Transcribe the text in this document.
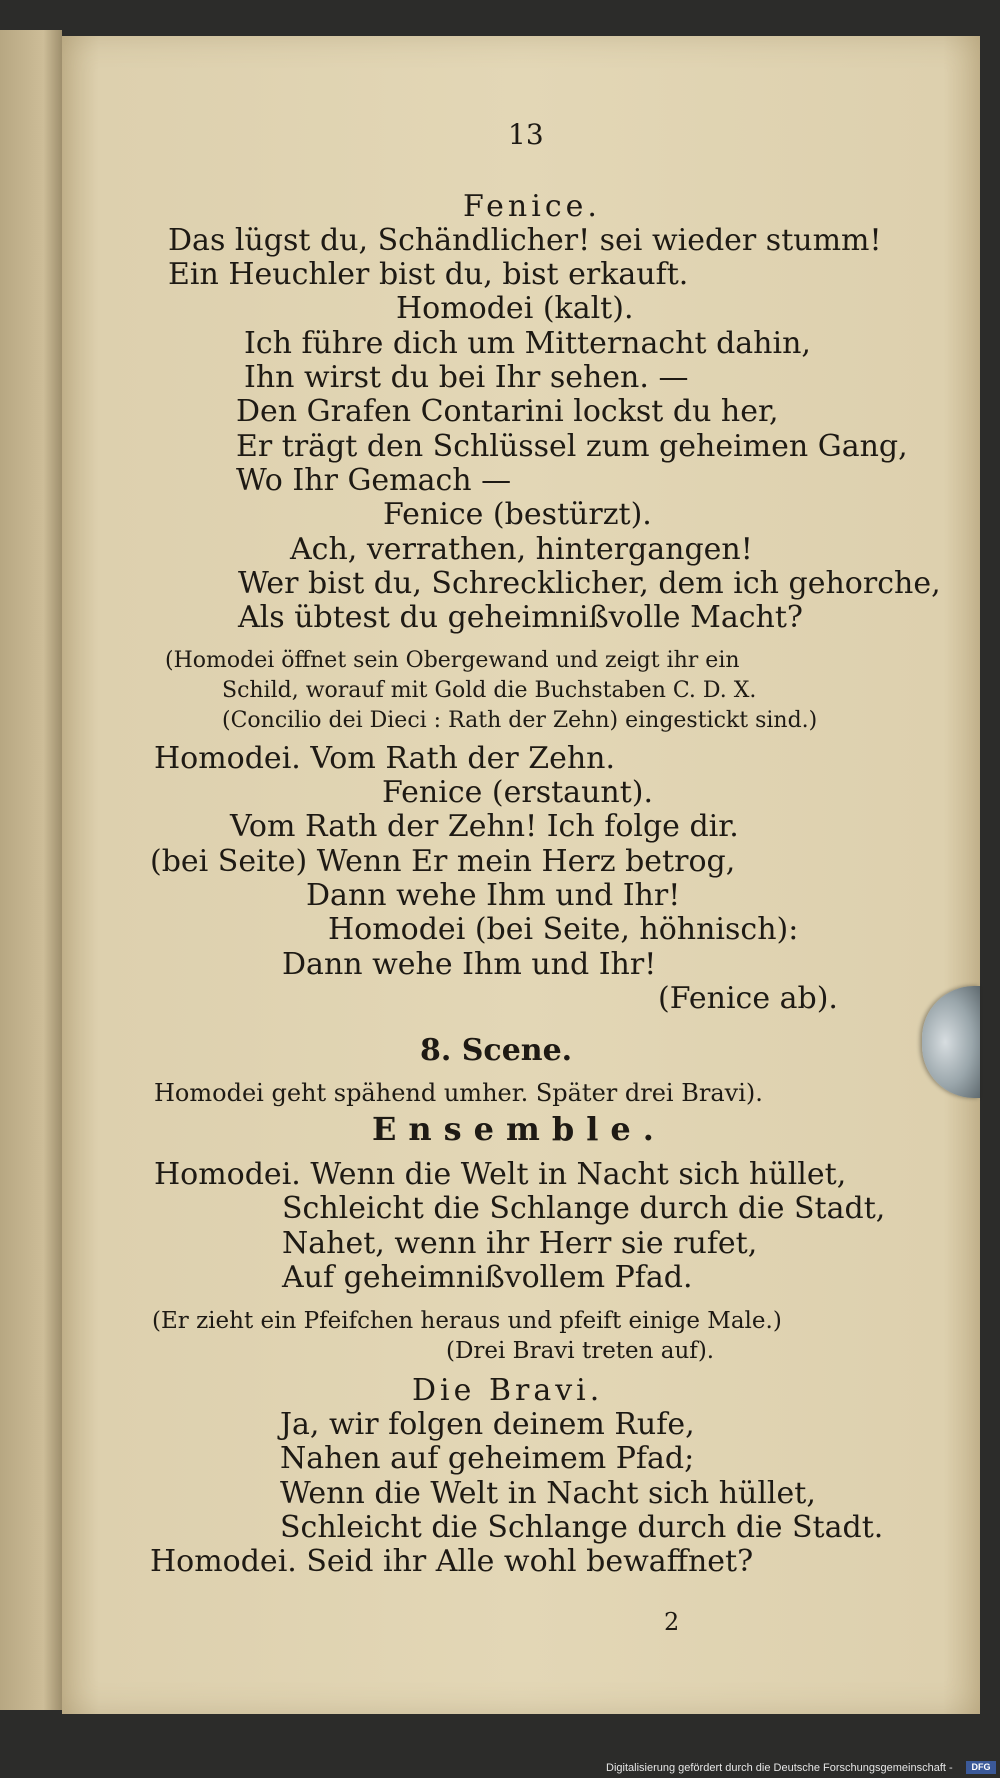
13
Fenice.
Das lügst du, Schändlicher! sei wieder stumm!
Ein Heuchler bist du, bist erkauft.
Homodei (kalt).
Ich führe dich um Mitternacht dahin,
Ihn wirst du bei Ihr sehen. —
Den Grafen Contarini lockst du her,
Er trägt den Schlüssel zum geheimen Gang,
Wo Ihr Gemach —
Fenice (bestürzt).
Ach, verrathen, hintergangen!
Wer bist du, Schrecklicher, dem ich gehorche,
Als übtest du geheimnißvolle Macht?
(Homodei öffnet sein Obergewand und zeigt ihr ein
Schild, worauf mit Gold die Buchstaben C. D. X.
(Concilio dei Dieci : Rath der Zehn) eingestickt sind.)
Homodei. Vom Rath der Zehn.
Fenice (erstaunt).
Vom Rath der Zehn! Ich folge dir.
(bei Seite) Wenn Er mein Herz betrog,
Dann wehe Ihm und Ihr!
Homodei (bei Seite, höhnisch):
Dann wehe Ihm und Ihr!
(Fenice ab).
8. Scene.
Homodei geht spähend umher. Später drei Bravi).
Ensemble.
Homodei. Wenn die Welt in Nacht sich hüllet,
Schleicht die Schlange durch die Stadt,
Nahet, wenn ihr Herr sie rufet,
Auf geheimnißvollem Pfad.
(Er zieht ein Pfeifchen heraus und pfeift einige Male.)
(Drei Bravi treten auf).
Die Bravi.
Ja, wir folgen deinem Rufe,
Nahen auf geheimem Pfad;
Wenn die Welt in Nacht sich hüllet,
Schleicht die Schlange durch die Stadt.
Homodei. Seid ihr Alle wohl bewaffnet?
2
Digitalisierung gefördert durch die Deutsche Forschungsgemeinschaft -	DFG
